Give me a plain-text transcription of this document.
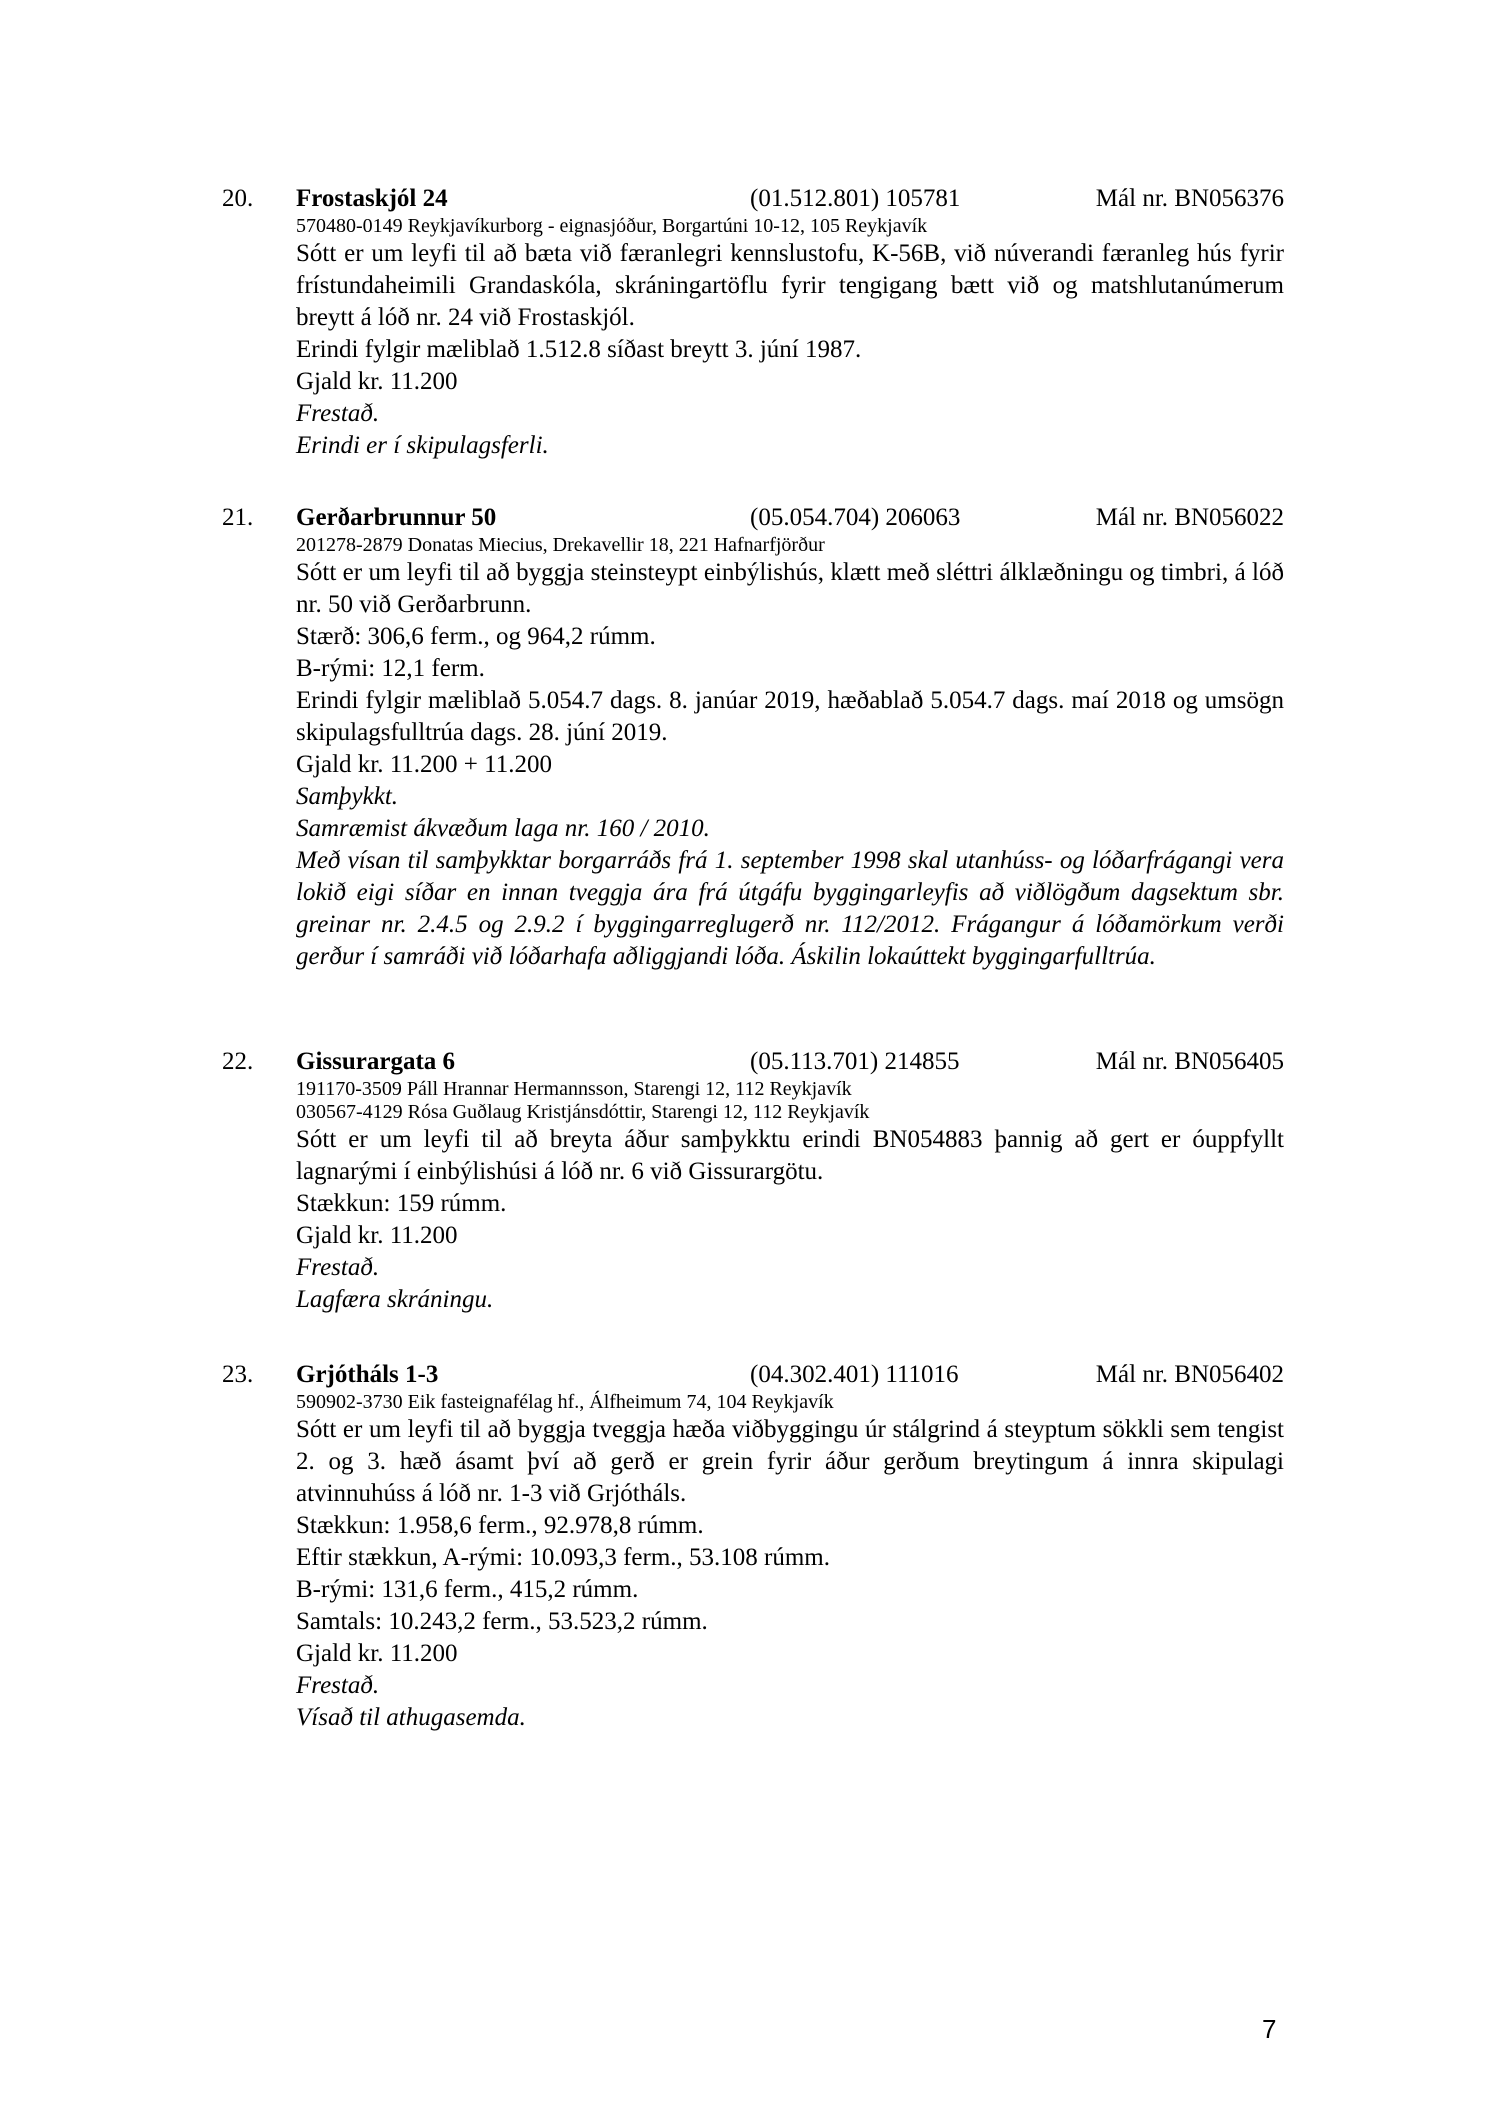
20. Frostaskjól 24	(01.512.801) 105781	Mál nr. BN056376

570480-0149 Reykjavíkurborg - eignasjóður, Borgartúni 10-12, 105 Reykjavík

Sótt er um leyfi til að bæta við færanlegri kennslustofu, K-56B, við núverandi færanleg hús fyrir frístundaheimili Grandaskóla, skráningartöflu fyrir tengigang bætt við og matshlutanúmerum breytt á lóð nr. 24 við Frostaskjól.

Erindi fylgir mæliblað 1.512.8 síðast breytt 3. júní 1987.

Gjald kr. 11.200

Frestað.

Erindi er í skipulagsferli.

21. Gerðarbrunnur 50	(05.054.704) 206063	Mál nr. BN056022

201278-2879 Donatas Miecius, Drekavellir 18, 221 Hafnarfjörður

Sótt er um leyfi til að byggja steinsteypt einbýlishús, klætt með sléttri álklæðningu og timbri, á lóð nr. 50 við Gerðarbrunn.

Stærð: 306,6 ferm., og 964,2 rúmm.

B-rými: 12,1 ferm.

Erindi fylgir mæliblað 5.054.7 dags. 8. janúar 2019, hæðablað 5.054.7 dags. maí 2018 og umsögn skipulagsfulltrúa dags. 28. júní 2019.

Gjald kr. 11.200 + 11.200

Samþykkt.

Samræmist ákvæðum laga nr. 160 / 2010.

Með vísan til samþykktar borgarráðs frá 1. september 1998 skal utanhúss- og lóðarfrágangi vera lokið eigi síðar en innan tveggja ára frá útgáfu byggingarleyfis að viðlögðum dagsektum sbr. greinar nr. 2.4.5 og 2.9.2 í byggingarreglugerð nr. 112/2012. Frágangur á lóðamörkum verði gerður í samráði við lóðarhafa aðliggjandi lóða. Áskilin lokaúttekt byggingarfulltrúa.

22. Gissurargata 6	(05.113.701) 214855	Mál nr. BN056405

191170-3509 Páll Hrannar Hermannsson, Starengi 12, 112 Reykjavík

030567-4129 Rósa Guðlaug Kristjánsdóttir, Starengi 12, 112 Reykjavík

Sótt er um leyfi til að breyta áður samþykktu erindi BN054883 þannig að gert er óuppfyllt lagnarými í einbýlishúsi á lóð nr. 6 við Gissurargötu.

Stækkun: 159 rúmm.

Gjald kr. 11.200

Frestað.

Lagfæra skráningu.

23. Grjótháls 1-3	(04.302.401) 111016	Mál nr. BN056402

590902-3730 Eik fasteignafélag hf., Álfheimum 74, 104 Reykjavík

Sótt er um leyfi til að byggja tveggja hæða viðbyggingu úr stálgrind á steyptum sökkli sem tengist 2. og 3. hæð ásamt því að gerð er grein fyrir áður gerðum breytingum á innra skipulagi atvinnuhúss á lóð nr. 1-3 við Grjótháls.

Stækkun: 1.958,6 ferm., 92.978,8 rúmm.

Eftir stækkun, A-rými: 10.093,3 ferm., 53.108 rúmm.

B-rými: 131,6 ferm., 415,2 rúmm.

Samtals: 10.243,2 ferm., 53.523,2 rúmm.

Gjald kr. 11.200

Frestað.

Vísað til athugasemda.

7
